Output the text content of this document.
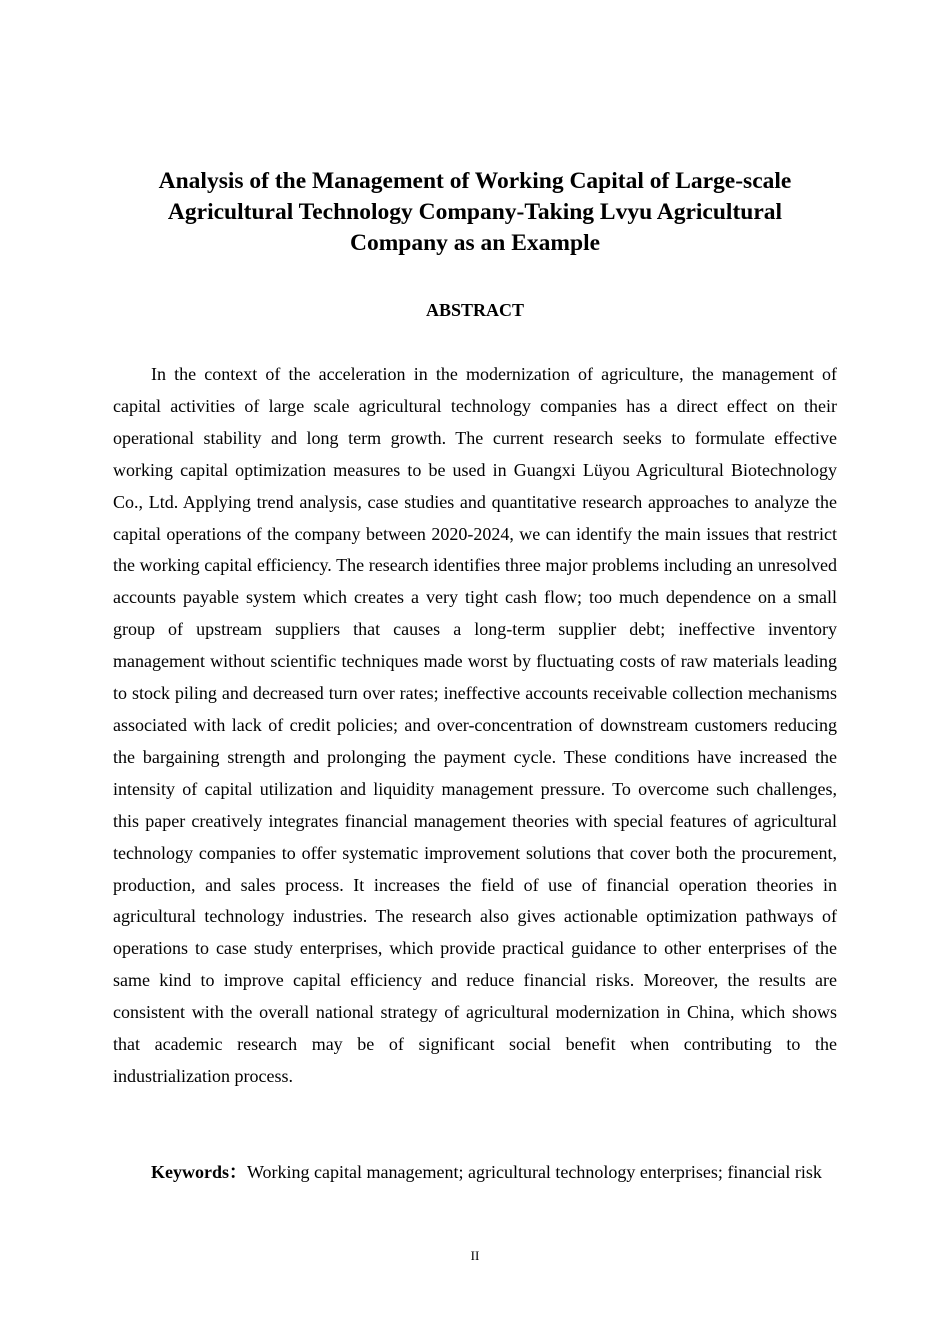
Analysis of the Management of Working Capital of Large-scale
Agricultural Technology Company-Taking Lvyu Agricultural
Company as an Example
ABSTRACT

In the context of the acceleration in the modernization of agriculture, the management of capital activities of large scale agricultural technology companies has a direct effect on their operational stability and long term growth. The current research seeks to formulate effective working capital optimization measures to be used in Guangxi Lüyou Agricultural Biotechnology Co., Ltd. Applying trend analysis, case studies and quantitative research approaches to analyze the capital operations of the company between 2020-2024, we can identify the main issues that restrict the working capital efficiency. The research identifies three major problems including an unresolved accounts payable system which creates a very tight cash flow; too much dependence on a small group of upstream suppliers that causes a long-term supplier debt; ineffective inventory management without scientific techniques made worst by fluctuating costs of raw materials leading to stock piling and decreased turn over rates; ineffective accounts receivable collection mechanisms associated with lack of credit policies; and over-concentration of downstream customers reducing the bargaining strength and prolonging the payment cycle. These conditions have increased the intensity of capital utilization and liquidity management pressure. To overcome such challenges, this paper creatively integrates financial management theories with special features of agricultural technology companies to offer systematic improvement solutions that cover both the procurement, production, and sales process. It increases the field of use of financial operation theories in agricultural technology industries. The research also gives actionable optimization pathways of operations to case study enterprises, which provide practical guidance to other enterprises of the same kind to improve capital efficiency and reduce financial risks. Moreover, the results are consistent with the overall national strategy of agricultural modernization in China, which shows that academic research may be of significant social benefit when contributing to the industrialization process.

Keywords：Working capital management; agricultural technology enterprises; financial risk

II
